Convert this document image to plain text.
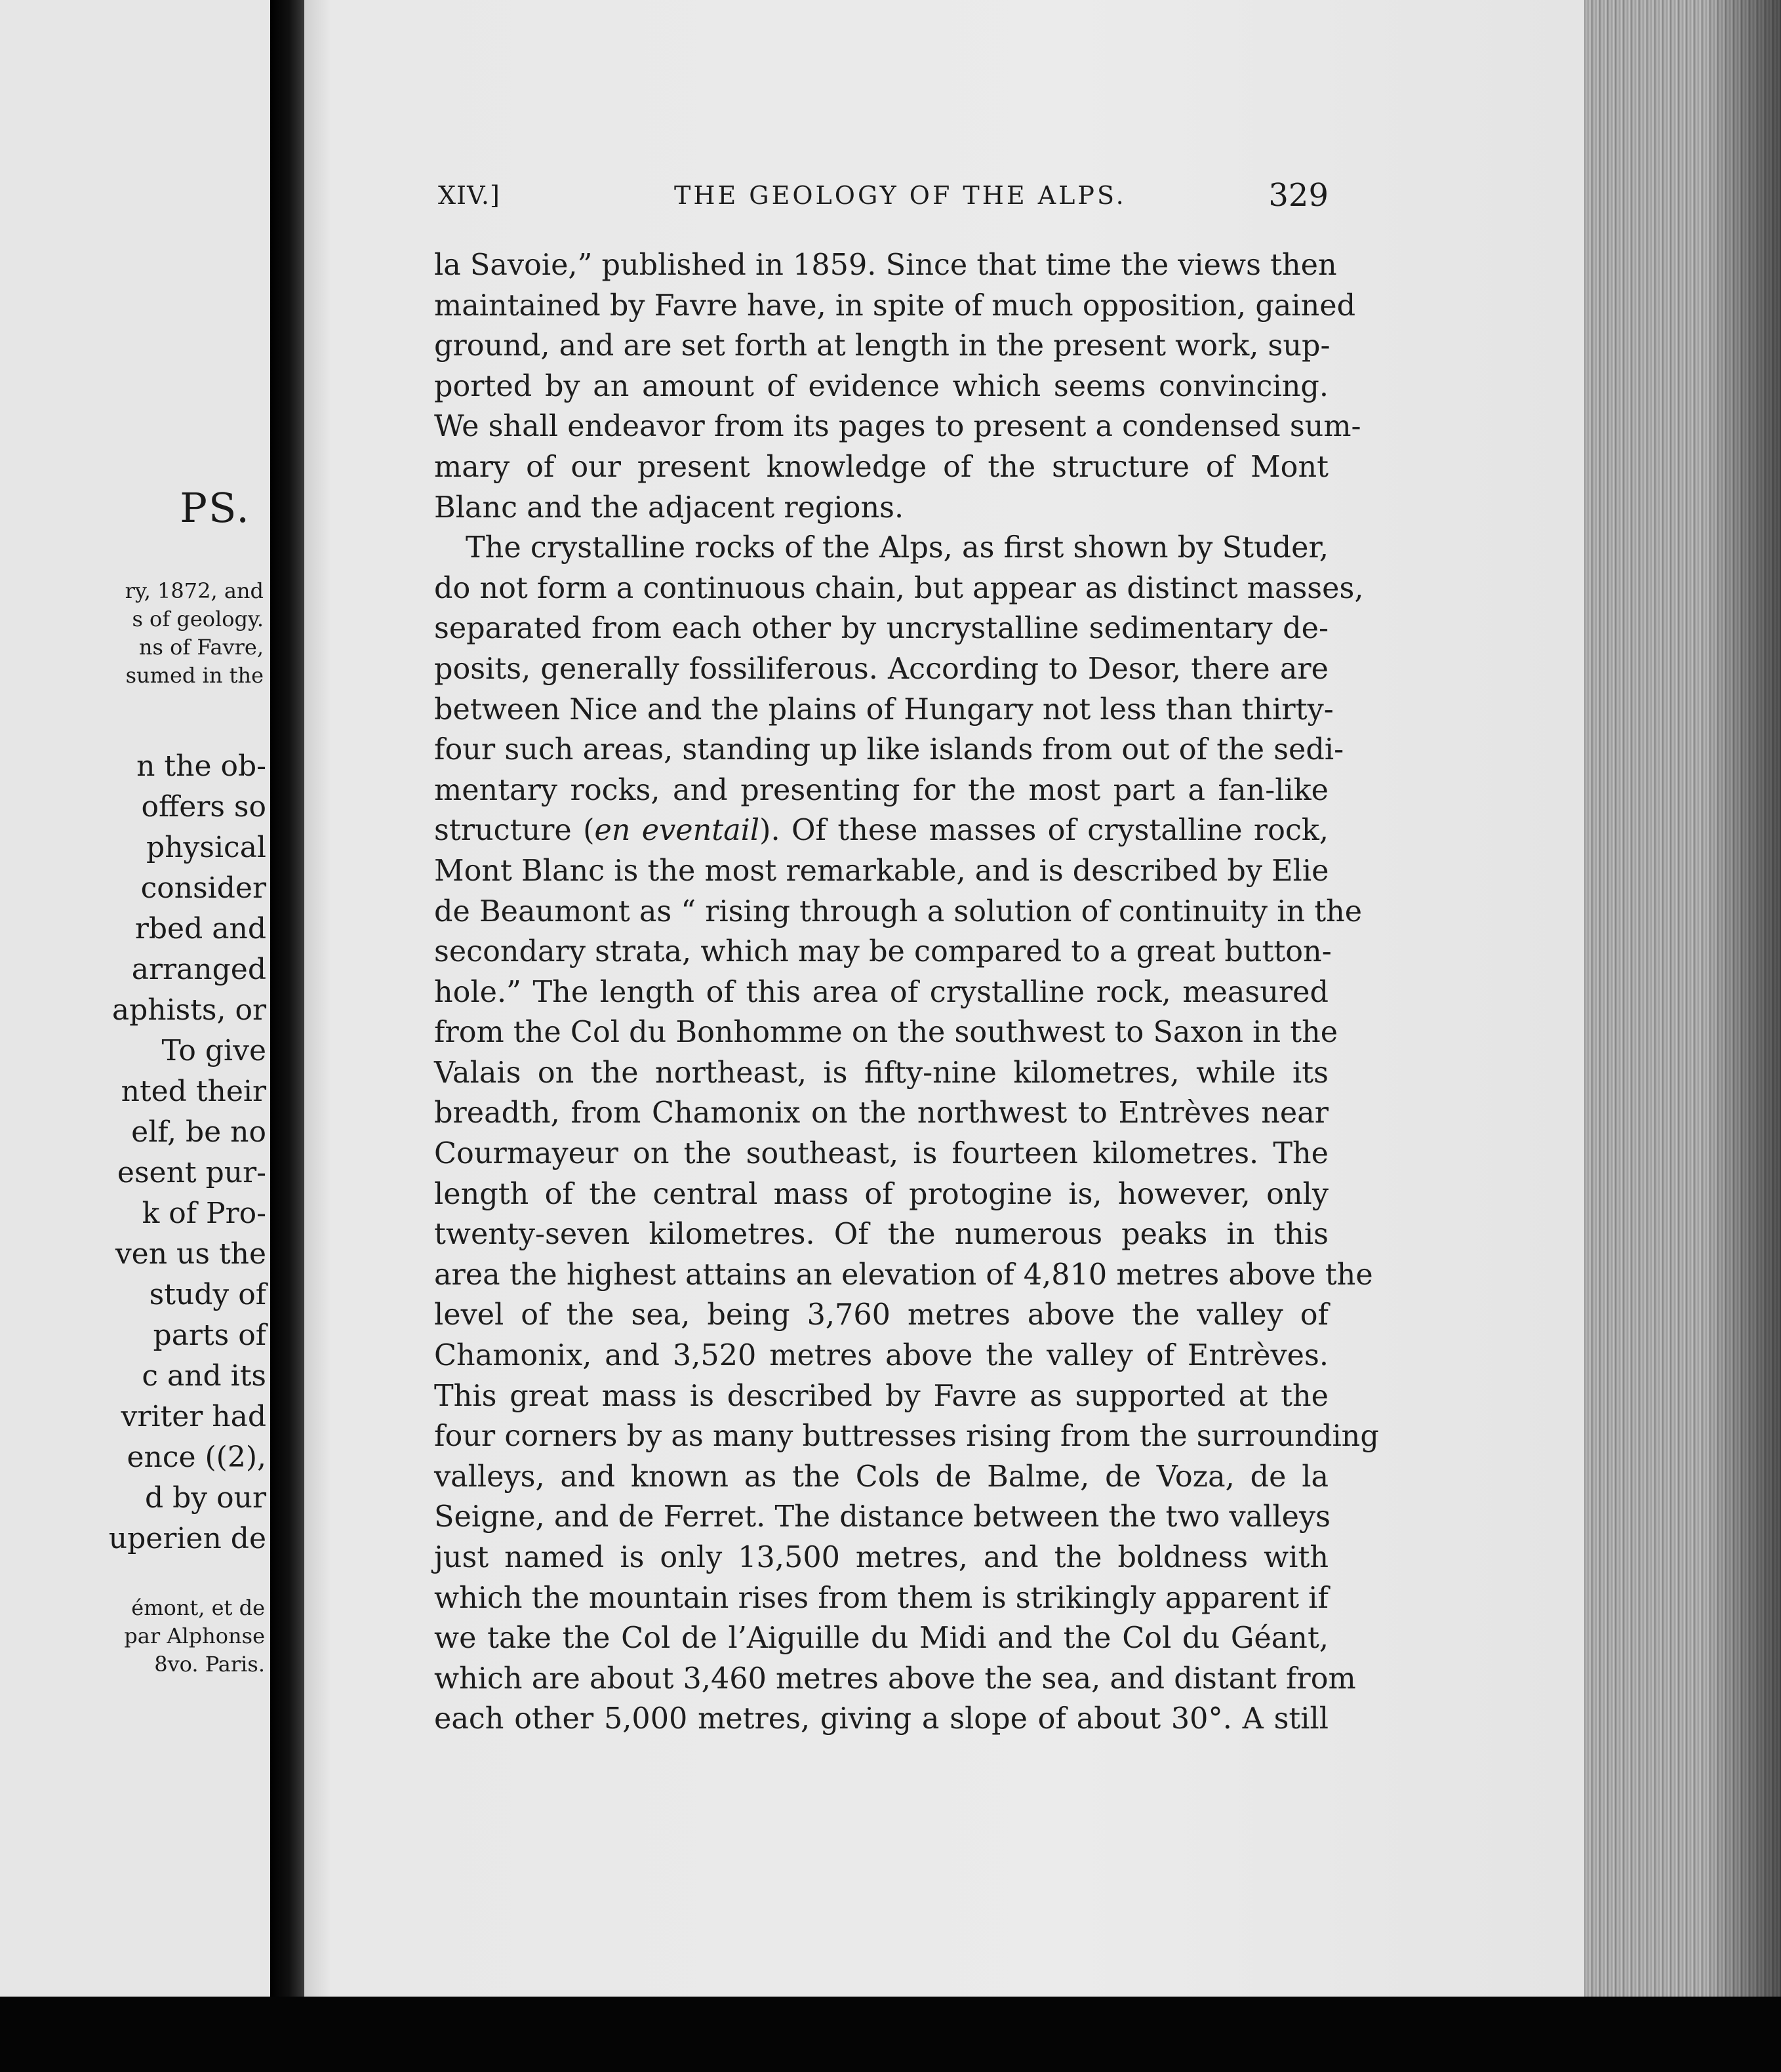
PS.
ry, 1872, and
s of geology.
ns of Favre,
sumed in the
n the ob-
offers so
physical
consider
rbed and
arranged
aphists, or
To give
nted their
elf, be no
esent pur-
k of Pro-
ven us the
study of
parts of
c and its
vriter had
ence ((2),
d by our
uperien de
émont, et de
par Alphonse
8vo. Paris.
XIV.]	THE GEOLOGY OF THE ALPS.	329
la Savoie,” published in 1859. Since that time the views then
maintained by Favre have, in spite of much opposition, gained
ground, and are set forth at length in the present work, sup-
ported by an amount of evidence which seems convincing.
We shall endeavor from its pages to present a condensed sum-
mary of our present knowledge of the structure of Mont
Blanc and the adjacent regions.
The crystalline rocks of the Alps, as first shown by Studer,
do not form a continuous chain, but appear as distinct masses,
separated from each other by uncrystalline sedimentary de-
posits, generally fossiliferous. According to Desor, there are
between Nice and the plains of Hungary not less than thirty-
four such areas, standing up like islands from out of the sedi-
mentary rocks, and presenting for the most part a fan-like
structure (en eventail). Of these masses of crystalline rock,
Mont Blanc is the most remarkable, and is described by Elie
de Beaumont as “ rising through a solution of continuity in the
secondary strata, which may be compared to a great button-
hole.” The length of this area of crystalline rock, measured
from the Col du Bonhomme on the southwest to Saxon in the
Valais on the northeast, is fifty-nine kilometres, while its
breadth, from Chamonix on the northwest to Entrèves near
Courmayeur on the southeast, is fourteen kilometres. The
length of the central mass of protogine is, however, only
twenty-seven kilometres. Of the numerous peaks in this
area the highest attains an elevation of 4,810 metres above the
level of the sea, being 3,760 metres above the valley of
Chamonix, and 3,520 metres above the valley of Entrèves.
This great mass is described by Favre as supported at the
four corners by as many buttresses rising from the surrounding
valleys, and known as the Cols de Balme, de Voza, de la
Seigne, and de Ferret. The distance between the two valleys
just named is only 13,500 metres, and the boldness with
which the mountain rises from them is strikingly apparent if
we take the Col de l’Aiguille du Midi and the Col du Géant,
which are about 3,460 metres above the sea, and distant from
each other 5,000 metres, giving a slope of about 30°. A still
